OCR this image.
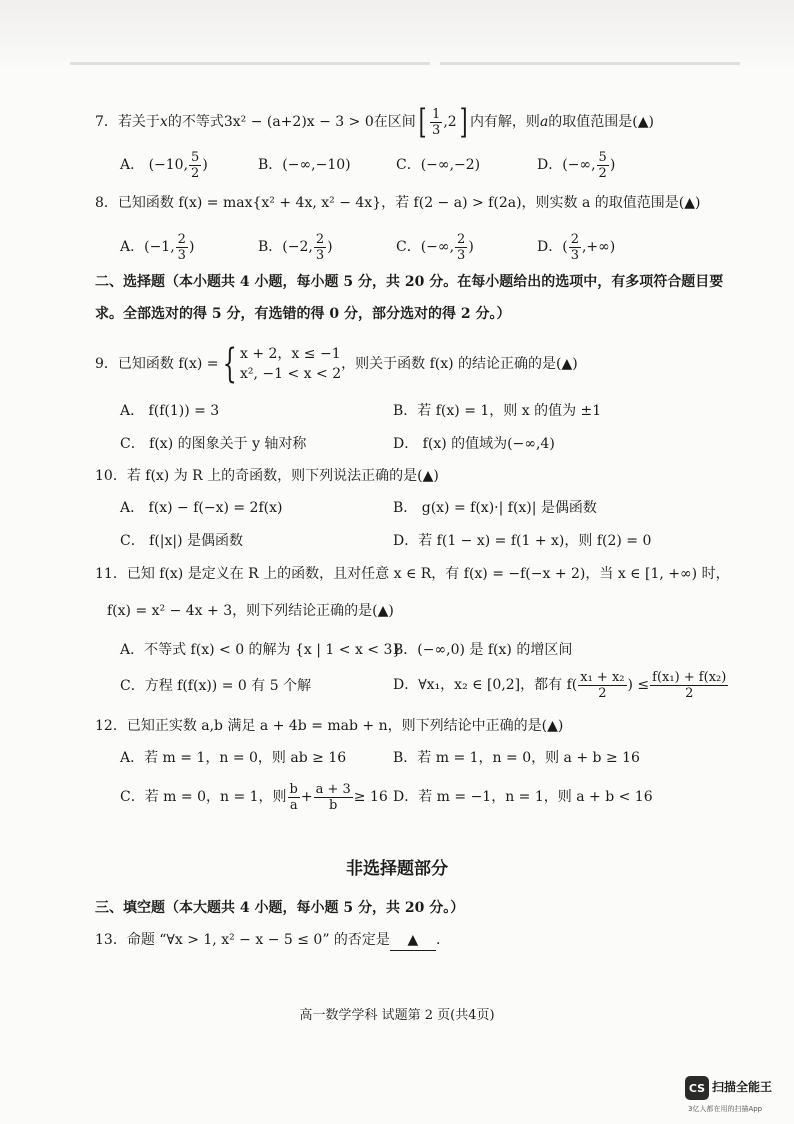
7．若关于x的不等式3x² − (a+2)x − 3 > 0在区间[ $\frac{1}{3} ,2$] 内有解，则a的取值范围是(▲)
A． (−10, $\frac{5}{2}$ )	B．(−∞,−10)	C．(−∞,−2)	D．(−∞, $\frac{5}{2}$ )
8．已知函数 f(x) = max{x² + 4x, x² − 4x}，若 f(2 − a) > f(2a)，则实数 a 的取值范围是(▲)
A．(−1, $\frac{2}{3}$ )	B．(−2, $\frac{2}{3}$ )	C．(−∞, $\frac{2}{3}$ )	D．( $\frac{2}{3}$ ,+∞)
二、选择题（本小题共 4 小题，每小题 5 分，共 20 分。在每小题给出的选项中，有多项符合题目要
求。全部选对的得 5 分，有选错的得 0 分，部分选对的得 2 分。）
9．已知函数 f(x) ={ x + 2，x ≤ −1
x², −1 < x < 2
，则关于函数 f(x) 的结论正确的是(▲)
A． f(f(1)) = 3	B．若 f(x) = 1，则 x 的值为 ±1
C． f(x) 的图象关于 y 轴对称	D． f(x) 的值域为(−∞,4)
10．若 f(x) 为 R 上的奇函数，则下列说法正确的是(▲)
A． f(x) − f(−x) = 2f(x)	B． g(x) = f(x)·| f(x)| 是偶函数
C． f(|x|) 是偶函数	D．若 f(1 − x) = f(1 + x)，则 f(2) = 0
11．已知 f(x) 是定义在 R 上的函数，且对任意 x ∈ R，有 f(x) = −f(−x + 2)，当 x ∈ [1, +∞) 时，
f(x) = x² − 4x + 3，则下列结论正确的是(▲)
A．不等式 f(x) < 0 的解为 {x | 1 < x < 3}
B．(−∞,0) 是 f(x) 的增区间
C．方程 f(f(x)) = 0 有 5 个解	D．∀x₁，x₂ ∈ [0,2]，都有 $f( \frac{\text{x₁ + x₂}}{2}$ ) ≤ $\frac{\text{f(x₁) + f(x₂)}}{2}$
12．已知正实数 a,b 满足 a + 4b = mab + n，则下列结论中正确的是(▲)
A．若 m = 1，n = 0，则 ab ≥ 16	B．若 m = 1，n = 0，则 a + b ≥ 16
C．若 m = 0，n = 1，则 $\frac{b}{a} + \frac{a + 3}{b} \ge 16$ D．若 m = −1，n = 1，则 a + b < 16
非选择题部分
三、填空题（本大题共 4 小题，每小题 5 分，共 20 分。）
13．命题 “∀x > 1, x² − x − 5 ≤ 0” 的否定是 ▲ .
高一数学学科 试题第 2 页(共4页)
CS 扫描全能王
3亿人都在用的扫描App
